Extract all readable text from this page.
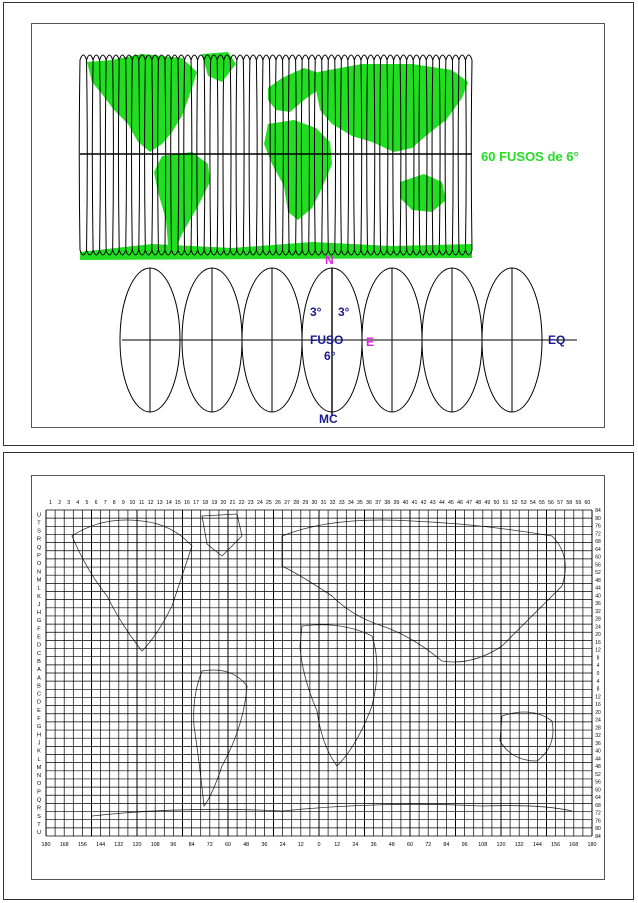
60 FUSOS de 6°
N
E	EQ
MC
3° 3°
FUSO
6°
1 2 3 4 5 6 7 8 9 10 11 12 13 14 15 16 17 18 19 20 21 22 23 24 25 26 27 28 29 30 31 32 33 34 35 36 37 38 39 40 41 42 43 44 45 46 47 48 49 50 51 52 53 54 55 56 57 58 59 60
U
T
S
R
Q
P
O
N
M
L
K
J
H
G
F
E
D
C
B
A
A
B
C
D
E
F
G
H
J
K
L
M
N
O
P
Q
R
S
T
U
180 168 156 144 132 120 108 96 84 72 60 48 36 24 12	0	12 24 36 48 60 72 84 96 108 120 132 144 156 168 180
84
80
76
72
68
64
60
56
52
48
44
40
36
32
28
24
20
16
12
8
4
0
4
8
12
16
20
24
28
32
36
40
44
48
52
56
60
64
68
72
76
80
84
